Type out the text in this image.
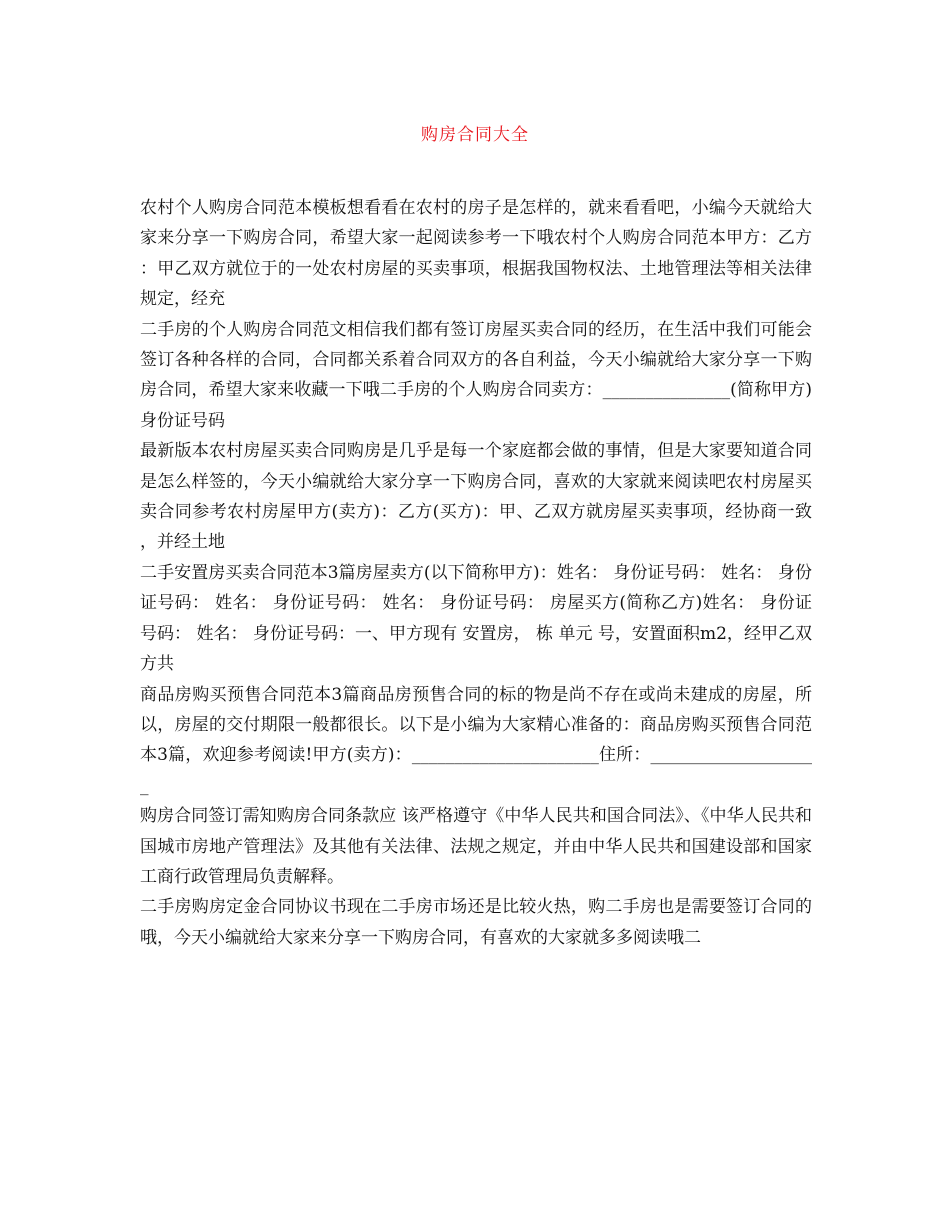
购房合同大全

农村个人购房合同范本模板想看看在农村的房子是怎样的，就来看看吧，小编今天就给大家来分享一下购房合同，希望大家一起阅读参考一下哦农村个人购房合同范本甲方：乙方：甲乙双方就位于的一处农村房屋的买卖事项，根据我国物权法、土地管理法等相关法律规定，经充

二手房的个人购房合同范文相信我们都有签订房屋买卖合同的经历，在生活中我们可能会签订各种各样的合同，合同都关系着合同双方的各自利益，今天小编就给大家分享一下购房合同，希望大家来收藏一下哦二手房的个人购房合同卖方：_______________(简称甲方)身份证号码

最新版本农村房屋买卖合同购房是几乎是每一个家庭都会做的事情，但是大家要知道合同是怎么样签的，今天小编就给大家分享一下购房合同，喜欢的大家就来阅读吧农村房屋买卖合同参考农村房屋甲方(卖方)：乙方(买方)：甲、乙双方就房屋买卖事项，经协商一致，并经土地

二手安置房买卖合同范本3篇房屋卖方(以下简称甲方)：姓名： 身份证号码： 姓名： 身份证号码： 姓名： 身份证号码： 姓名： 身份证号码： 房屋买方(简称乙方)姓名： 身份证号码： 姓名： 身份证号码：一、甲方现有 安置房， 栋 单元 号，安置面积m2，经甲乙双方共

商品房购买预售合同范本3篇商品房预售合同的标的物是尚不存在或尚未建成的房屋，所以，房屋的交付期限一般都很长。以下是小编为大家精心准备的：商品房购买预售合同范本3篇，欢迎参考阅读!甲方(卖方)：______________________住所：____________________

购房合同签订需知购房合同条款应 该严格遵守《中华人民共和国合同法》、《中华人民共和国城市房地产管理法》及其他有关法律、法规之规定，并由中华人民共和国建设部和国家工商行政管理局负责解释。

二手房购房定金合同协议书现在二手房市场还是比较火热，购二手房也是需要签订合同的哦，今天小编就给大家来分享一下购房合同，有喜欢的大家就多多阅读哦二
